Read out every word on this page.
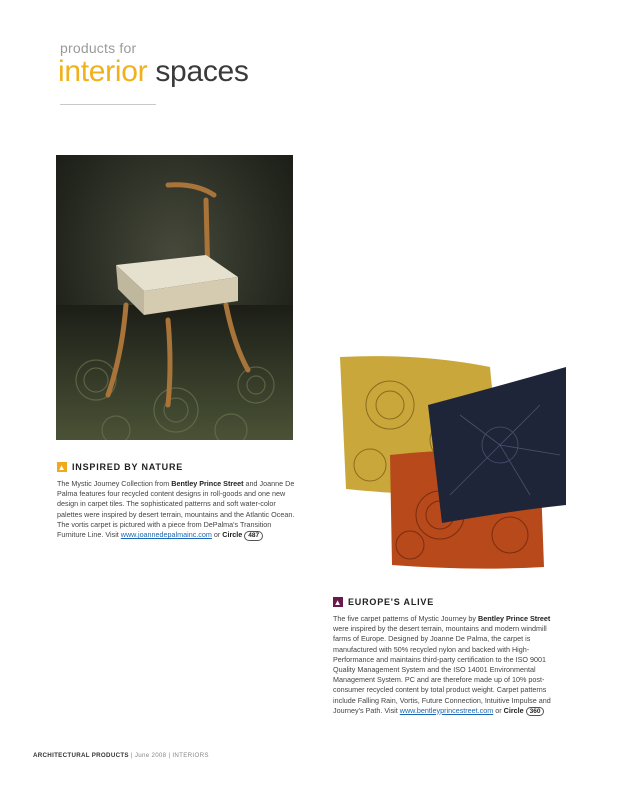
products for
interior spaces
▲ INSPIRED BY NATURE
The Mystic Journey Collection from Bentley Prince Street and Joanne De Palma features four recycled content designs in roll-goods and one new design in carpet tiles. The sophisticated patterns and soft water-color palettes were inspired by desert terrain, mountains and the Atlantic Ocean. The vortis carpet is pictured with a piece from DePalma's Transition Furniture Line. Visit www.joannedepalmainc.com or Circle 487
▲ EUROPE'S ALIVE
The five carpet patterns of Mystic Journey by Bentley Prince Street were inspired by the desert terrain, mountains and modern windmill farms of Europe. Designed by Joanne De Palma, the carpet is manufactured with 50% recycled nylon and backed with High-Performance and maintains third-party certification to the ISO 9001 Quality Management System and the ISO 14001 Environmental Management System. PC and are therefore made up of 10% post-consumer recycled content by total product weight. Carpet patterns include Falling Rain, Vortis, Future Connection, Intuitive Impulse and Journey's Path. Visit www.bentleyprincestreet.com or Circle 360
ARCHITECTURAL PRODUCTS | June 2008 | INTERIORS
